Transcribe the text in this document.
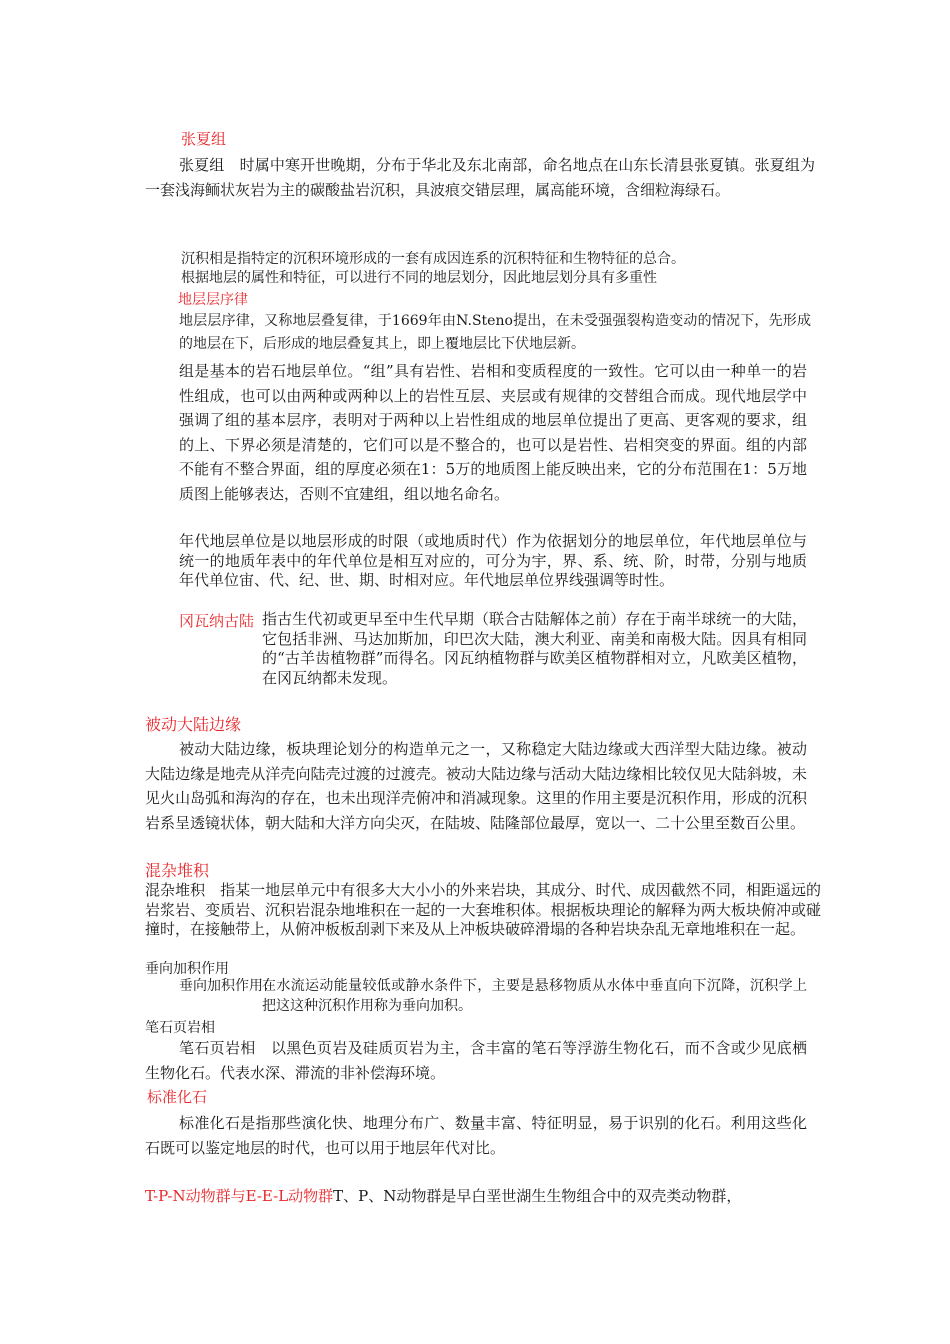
张夏组

张夏组　时属中寒开世晚期，分布于华北及东北南部，命名地点在山东长清县张夏镇。张夏组为一套浅海鲕状灰岩为主的碳酸盐岩沉积，具波痕交错层理，属高能环境，含细粒海绿石。

沉积相是指特定的沉积环境形成的一套有成因连系的沉积特征和生物特征的总合。

根据地层的属性和特征，可以进行不同的地层划分，因此地层划分具有多重性

地层层序律

地层层序律，又称地层叠复律，于1669年由N.Steno提出，在未受强强裂构造变动的情况下，先形成的地层在下，后形成的地层叠复其上，即上覆地层比下伏地层新。

组是基本的岩石地层单位。“组”具有岩性、岩相和变质程度的一致性。它可以由一种单一的岩性组成，也可以由两种或两种以上的岩性互层、夹层或有规律的交替组合而成。现代地层学中强调了组的基本层序，表明对于两种以上岩性组成的地层单位提出了更高、更客观的要求，组的上、下界必须是清楚的，它们可以是不整合的，也可以是岩性、岩相突变的界面。组的内部不能有不整合界面，组的厚度必须在1：5万的地质图上能反映出来，它的分布范围在1：5万地质图上能够表达，否则不宜建组，组以地名命名。

年代地层单位是以地层形成的时限（或地质时代）作为依据划分的地层单位，年代地层单位与统一的地质年表中的年代单位是相互对应的，可分为宇，界、系、统、阶，时带，分别与地质年代单位宙、代、纪、世、期、时相对应。年代地层单位界线强调等时性。

冈瓦纳古陆 指古生代初或更早至中生代早期（联合古陆解体之前）存在于南半球统一的大陆，它包括非洲、马达加斯加，印巴次大陆，澳大利亚、南美和南极大陆。因具有相同的“古羊齿植物群”而得名。冈瓦纳植物群与欧美区植物群相对立，凡欧美区植物，在冈瓦纳都未发现。

被动大陆边缘

被动大陆边缘，板块理论划分的构造单元之一，又称稳定大陆边缘或大西洋型大陆边缘。被动大陆边缘是地壳从洋壳向陆壳过渡的过渡壳。被动大陆边缘与活动大陆边缘相比较仅见大陆斜坡，未见火山岛弧和海沟的存在，也未出现洋壳俯冲和消减现象。这里的作用主要是沉积作用，形成的沉积岩系呈透镜状体，朝大陆和大洋方向尖灭，在陆坡、陆隆部位最厚，宽以一、二十公里至数百公里。

混杂堆积

混杂堆积　指某一地层单元中有很多大大小小的外来岩块，其成分、时代、成因截然不同，相距遥远的岩浆岩、变质岩、沉积岩混杂地堆积在一起的一大套堆积体。根据板块理论的解释为两大板块俯冲或碰撞时，在接触带上，从俯冲板板刮剥下来及从上冲板块破碎滑塌的各种岩块杂乱无章地堆积在一起。

垂向加积作用

垂向加积作用：

在水流运动能量较低或静水条件下，主要是悬移物质从水体中垂直向下沉降，沉积学上把这这种沉积作用称为垂向加积。

笔石页岩相

笔石页岩相　以黑色页岩及硅质页岩为主，含丰富的笔石等浮游生物化石，而不含或少见底栖生物化石。代表水深、滞流的非补偿海环境。

标准化石

标准化石是指那些演化快、地理分布广、数量丰富、特征明显，易于识别的化石。利用这些化石既可以鉴定地层的时代，也可以用于地层年代对比。

T-P-N动物群与E-E-L动物群T、P、N动物群是早白垩世湖生生物组合中的双壳类动物群，
